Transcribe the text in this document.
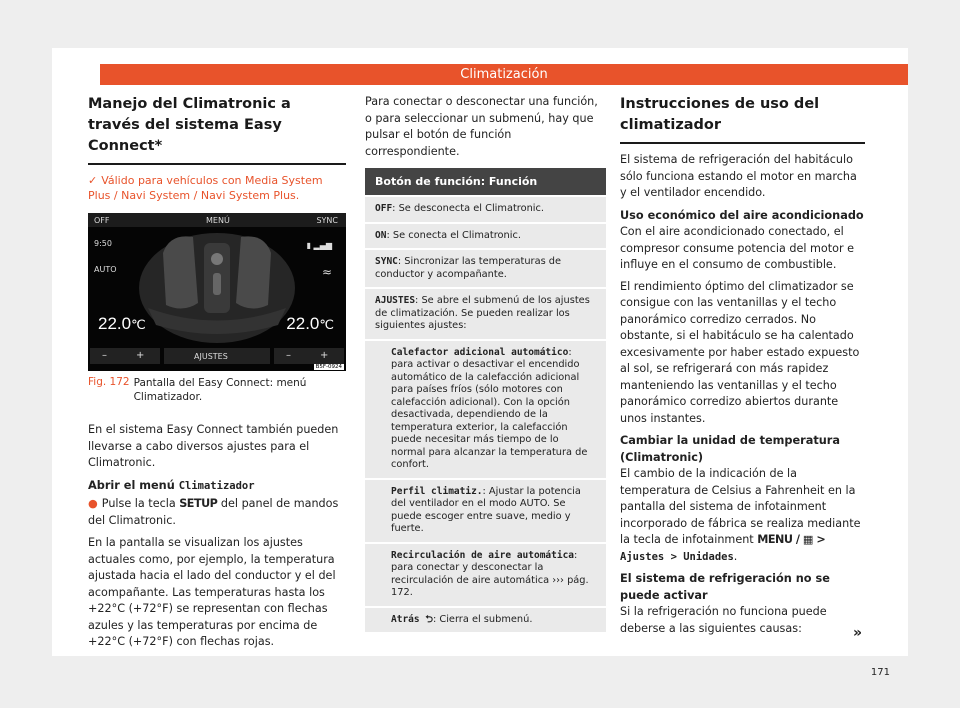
Climatización
Manejo del Climatronic a través del sistema Easy Connect*
✓ Válido para vehículos con Media System Plus / Navi System / Navi System Plus.
OFF	MENÚ	SYNC
9:50
AUTO
▮ ▂▄▆
≈
22.0℃	22.0℃
–	+	AJUSTES	–	+
B5F-0924
Fig. 172 Pantalla del Easy Connect: menú Climatizador.

En el sistema Easy Connect también pueden llevarse a cabo diversos ajustes para el Climatronic.

Abrir el menú Climatizador

● Pulse la tecla SETUP del panel de mandos del Climatronic.

En la pantalla se visualizan los ajustes actuales como, por ejemplo, la temperatura ajustada hacia el lado del conductor y el del acompañante. Las temperaturas hasta los +22°C (+72°F) se representan con flechas azules y las temperaturas por encima de +22°C (+72°F) con flechas rojas.

Para conectar o desconectar una función, o para seleccionar un submenú, hay que pulsar el botón de función correspondiente.

Botón de función: Función
OFF: Se desconecta el Climatronic.
ON: Se conecta el Climatronic.
SYNC: Sincronizar las temperaturas de conductor y acompañante.
AJUSTES: Se abre el submenú de los ajustes de climatización. Se pueden realizar los siguientes ajustes:
Calefactor adicional automático: para activar o desactivar el encendido automático de la calefacción adicional para países fríos (sólo motores con calefacción adicional). Con la opción desactivada, dependiendo de la temperatura exterior, la calefacción puede necesitar más tiempo de lo normal para alcanzar la temperatura de confort.
Perfil climatiz.: Ajustar la potencia del ventilador en el modo AUTO. Se puede escoger entre suave, medio y fuerte.
Recirculación de aire automática: para conectar y desconectar la recirculación de aire automática ››› pág. 172.
Atrás ⮌: Cierra el submenú.
Instrucciones de uso del climatizador

El sistema de refrigeración del habitáculo sólo funciona estando el motor en marcha y el ventilador encendido.

Uso económico del aire acondicionado

Con el aire acondicionado conectado, el compresor consume potencia del motor e influye en el consumo de combustible.

El rendimiento óptimo del climatizador se consigue con las ventanillas y el techo panorámico corredizo cerrados. No obstante, si el habitáculo se ha calentado excesivamente por haber estado expuesto al sol, se refrigerará con más rapidez manteniendo las ventanillas y el techo panorámico corredizo abiertos durante unos instantes.

Cambiar la unidad de temperatura (Climatronic)

El cambio de la indicación de la temperatura de Celsius a Fahrenheit en la pantalla del sistema de infotainment incorporado de fábrica se realiza mediante la tecla de infotainment MENU / ▦ > Ajustes > Unidades.

El sistema de refrigeración no se puede activar

Si la refrigeración no funciona puede deberse a las siguientes causas:	»
171
